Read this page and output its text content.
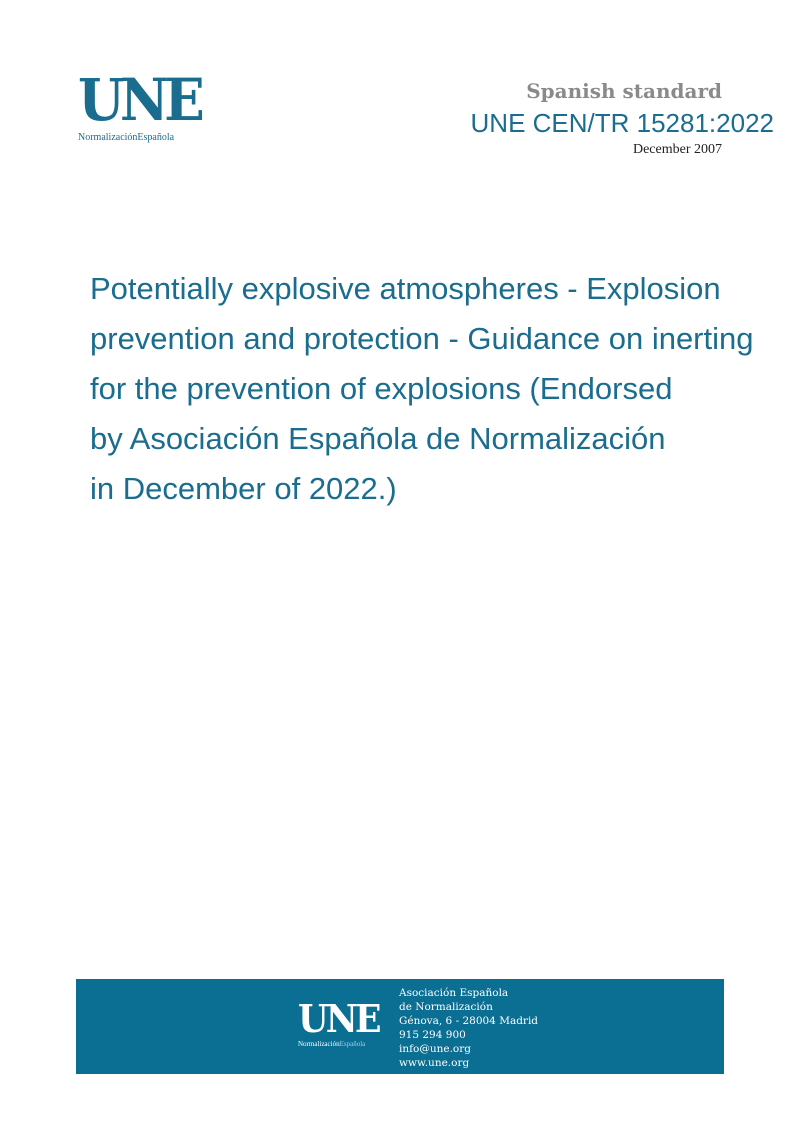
UNE
NormalizaciónEspañola
Spanish standard
UNE CEN/TR 15281:2022
December 2007
Potentially explosive atmospheres - Explosion
prevention and protection - Guidance on inerting
for the prevention of explosions (Endorsed
by Asociación Española de Normalización
in December of 2022.)
UNE
NormalizaciónEspañola
Asociación Española
de Normalización
Génova, 6 - 28004 Madrid
915 294 900
info@une.org
www.une.org
